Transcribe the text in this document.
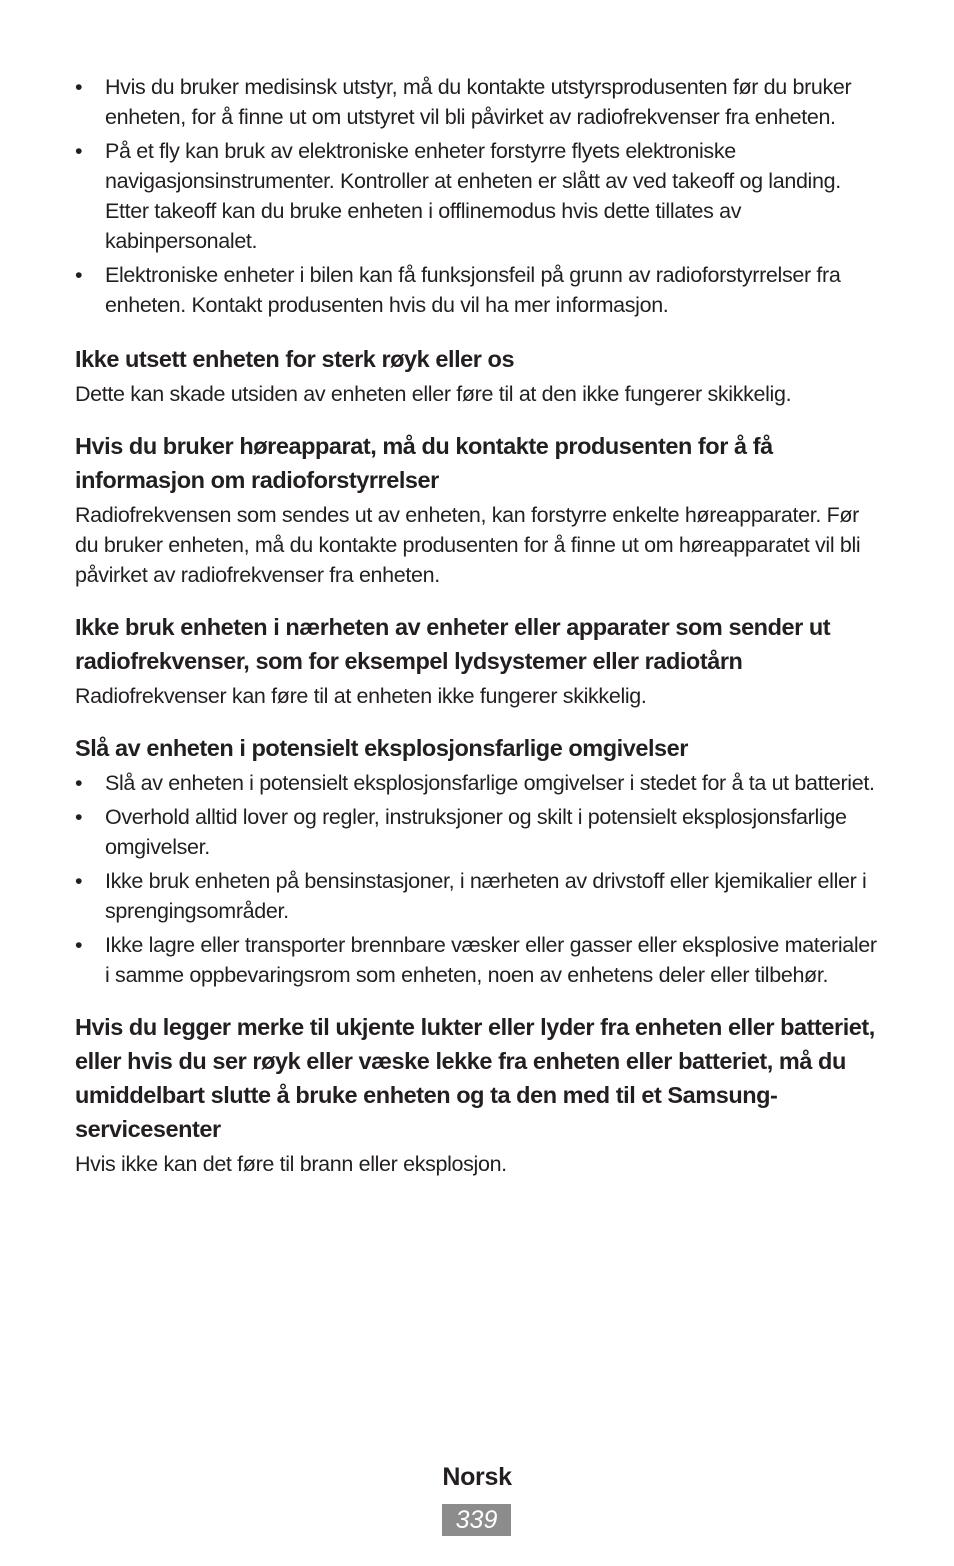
• Hvis du bruker medisinsk utstyr, må du kontakte utstyrsprodusenten før du bruker enheten, for å finne ut om utstyret vil bli påvirket av radiofrekvenser fra enheten.
• På et fly kan bruk av elektroniske enheter forstyrre flyets elektroniske navigasjonsinstrumenter. Kontroller at enheten er slått av ved takeoff og landing. Etter takeoff kan du bruke enheten i offlinemodus hvis dette tillates av kabinpersonalet.
• Elektroniske enheter i bilen kan få funksjonsfeil på grunn av radioforstyrrelser fra enheten. Kontakt produsenten hvis du vil ha mer informasjon.
Ikke utsett enheten for sterk røyk eller os

Dette kan skade utsiden av enheten eller føre til at den ikke fungerer skikkelig.

Hvis du bruker høreapparat, må du kontakte produsenten for å få informasjon om radioforstyrrelser

Radiofrekvensen som sendes ut av enheten, kan forstyrre enkelte høreapparater. Før du bruker enheten, må du kontakte produsenten for å finne ut om høreapparatet vil bli påvirket av radiofrekvenser fra enheten.

Ikke bruk enheten i nærheten av enheter eller apparater som sender ut radiofrekvenser, som for eksempel lydsystemer eller radiotårn

Radiofrekvenser kan føre til at enheten ikke fungerer skikkelig.

Slå av enheten i potensielt eksplosjonsfarlige omgivelser
• Slå av enheten i potensielt eksplosjonsfarlige omgivelser i stedet for å ta ut batteriet.
• Overhold alltid lover og regler, instruksjoner og skilt i potensielt eksplosjonsfarlige omgivelser.
• Ikke bruk enheten på bensinstasjoner, i nærheten av drivstoff eller kjemikalier eller i sprengingsområder.
• Ikke lagre eller transporter brennbare væsker eller gasser eller eksplosive materialer i samme oppbevaringsrom som enheten, noen av enhetens deler eller tilbehør.
Hvis du legger merke til ukjente lukter eller lyder fra enheten eller batteriet, eller hvis du ser røyk eller væske lekke fra enheten eller batteriet, må du umiddelbart slutte å bruke enheten og ta den med til et Samsung-servicesenter

Hvis ikke kan det føre til brann eller eksplosjon.

Norsk
339
